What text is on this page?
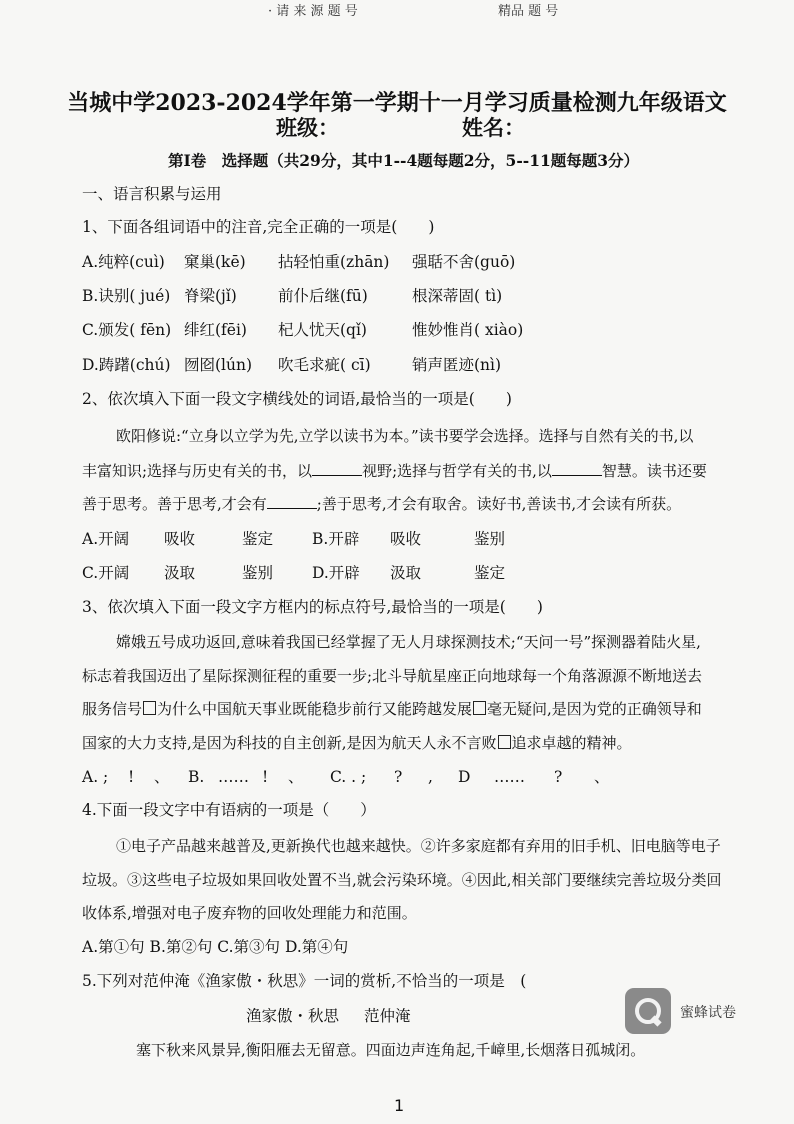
· 请 来 源 题 号	精品 题 号
当城中学2023-2024学年第一学期十一月学习质量检测九年级语文
班级：	姓名：
第Ⅰ卷　选择题（共29分，其中1--4题每题2分，5--11题每题3分）
一、语言积累与运用
1、下面各组词语中的注音,完全正确的一项是(　　)
A.纯粹(cuì) 窠巢(kē) 拈轻怕重(zhān) 强聒不舍(guō)
B.诀别( jué) 脊梁(jǐ)	前仆后继(fū)	根深蒂固( tì)
C.颁发( fēn) 绯红(fēi) 杞人忧天(qǐ)	惟妙惟肖( xiào)
D.踌躇(chú) 囫囵(lún) 吹毛求疵( cī)	销声匿迹(nì)
2、依次填入下面一段文字横线处的词语,最恰当的一项是(　　)
欧阳修说:“立身以立学为先,立学以读书为本。”读书要学会选择。选择与自然有关的书,以
丰富知识;选择与历史有关的书，以	视野;选择与哲学有关的书,以	智慧。读书还要
善于思考。善于思考,才会有	;善于思考,才会有取舍。读好书,善读书,才会读有所获。
A.开阔 吸收	鉴定	B.开辟 吸收	鉴别
C.开阔 汲取	鉴别	D.开辟 汲取	鉴定
3、依次填入下面一段文字方框内的标点符号,最恰当的一项是(　　)
嫦娥五号成功返回,意味着我国已经掌握了无人月球探测技术;“天问一号”探测器着陆火星,
标志着我国迈出了星际探测征程的重要一步;北斗导航星座正向地球每一个角落源源不断地送去
服务信号 为什么中国航天事业既能稳步前行又能跨越发展 毫无疑问,是因为党的正确领导和
国家的大力支持,是因为科技的自主创新,是因为航天人永不言败 追求卓越的精神。
A. ; ! 、 B. …… ! 、 C. . ; ? , D …… ? 、
4.下面一段文字中有语病的一项是（　　）
①电子产品越来越普及,更新换代也越来越快。②许多家庭都有弃用的旧手机、旧电脑等电子
垃圾。③这些电子垃圾如果回收处置不当,就会污染环境。④因此,相关部门要继续完善垃圾分类回
收体系,增强对电子废弃物的回收处理能力和范围。
A.第①句 B.第②句 C.第③句 D.第④句
5.下列对范仲淹《渔家傲・秋思》一词的赏析,不恰当的一项是　(
渔家傲・秋思 范仲淹
塞下秋来风景异,衡阳雁去无留意。四面边声连角起,千嶂里,长烟落日孤城闭。
蜜蜂试卷
1
